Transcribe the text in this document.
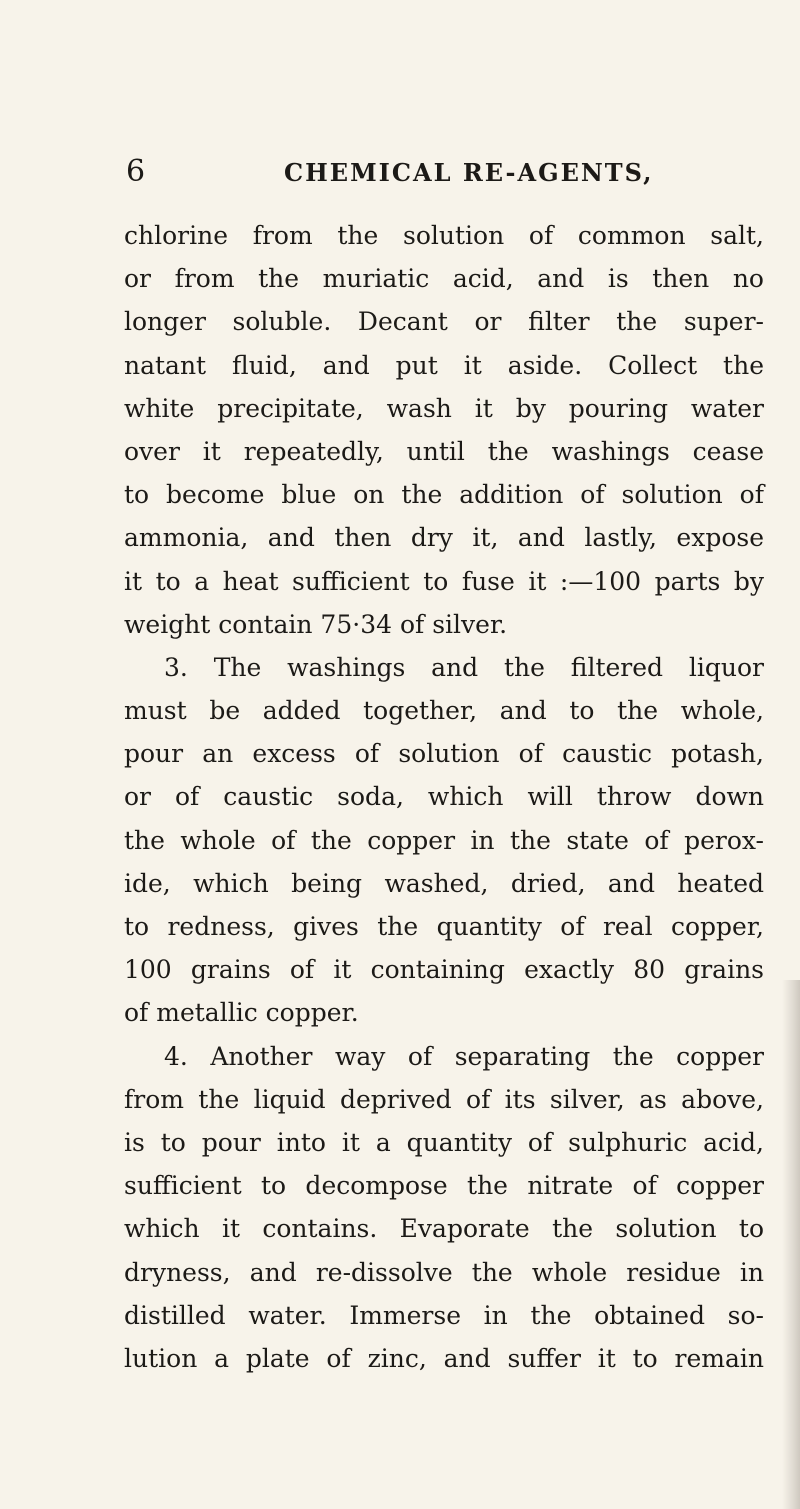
6	CHEMICAL RE-AGENTS,
chlorine from the solution of common salt,
or from the muriatic acid, and is then no
longer soluble. Decant or filter the super-
natant fluid, and put it aside. Collect the
white precipitate, wash it by pouring water
over it repeatedly, until the washings cease
to become blue on the addition of solution of
ammonia, and then dry it, and lastly, expose
it to a heat sufficient to fuse it :—100 parts by
weight contain 75·34 of silver.
3. The washings and the filtered liquor
must be added together, and to the whole,
pour an excess of solution of caustic potash,
or of caustic soda, which will throw down
the whole of the copper in the state of perox-
ide, which being washed, dried, and heated
to redness, gives the quantity of real copper,
100 grains of it containing exactly 80 grains
of metallic copper.
4. Another way of separating the copper
from the liquid deprived of its silver, as above,
is to pour into it a quantity of sulphuric acid,
sufficient to decompose the nitrate of copper
which it contains. Evaporate the solution to
dryness, and re-dissolve the whole residue in
distilled water. Immerse in the obtained so-
lution a plate of zinc, and suffer it to remain
